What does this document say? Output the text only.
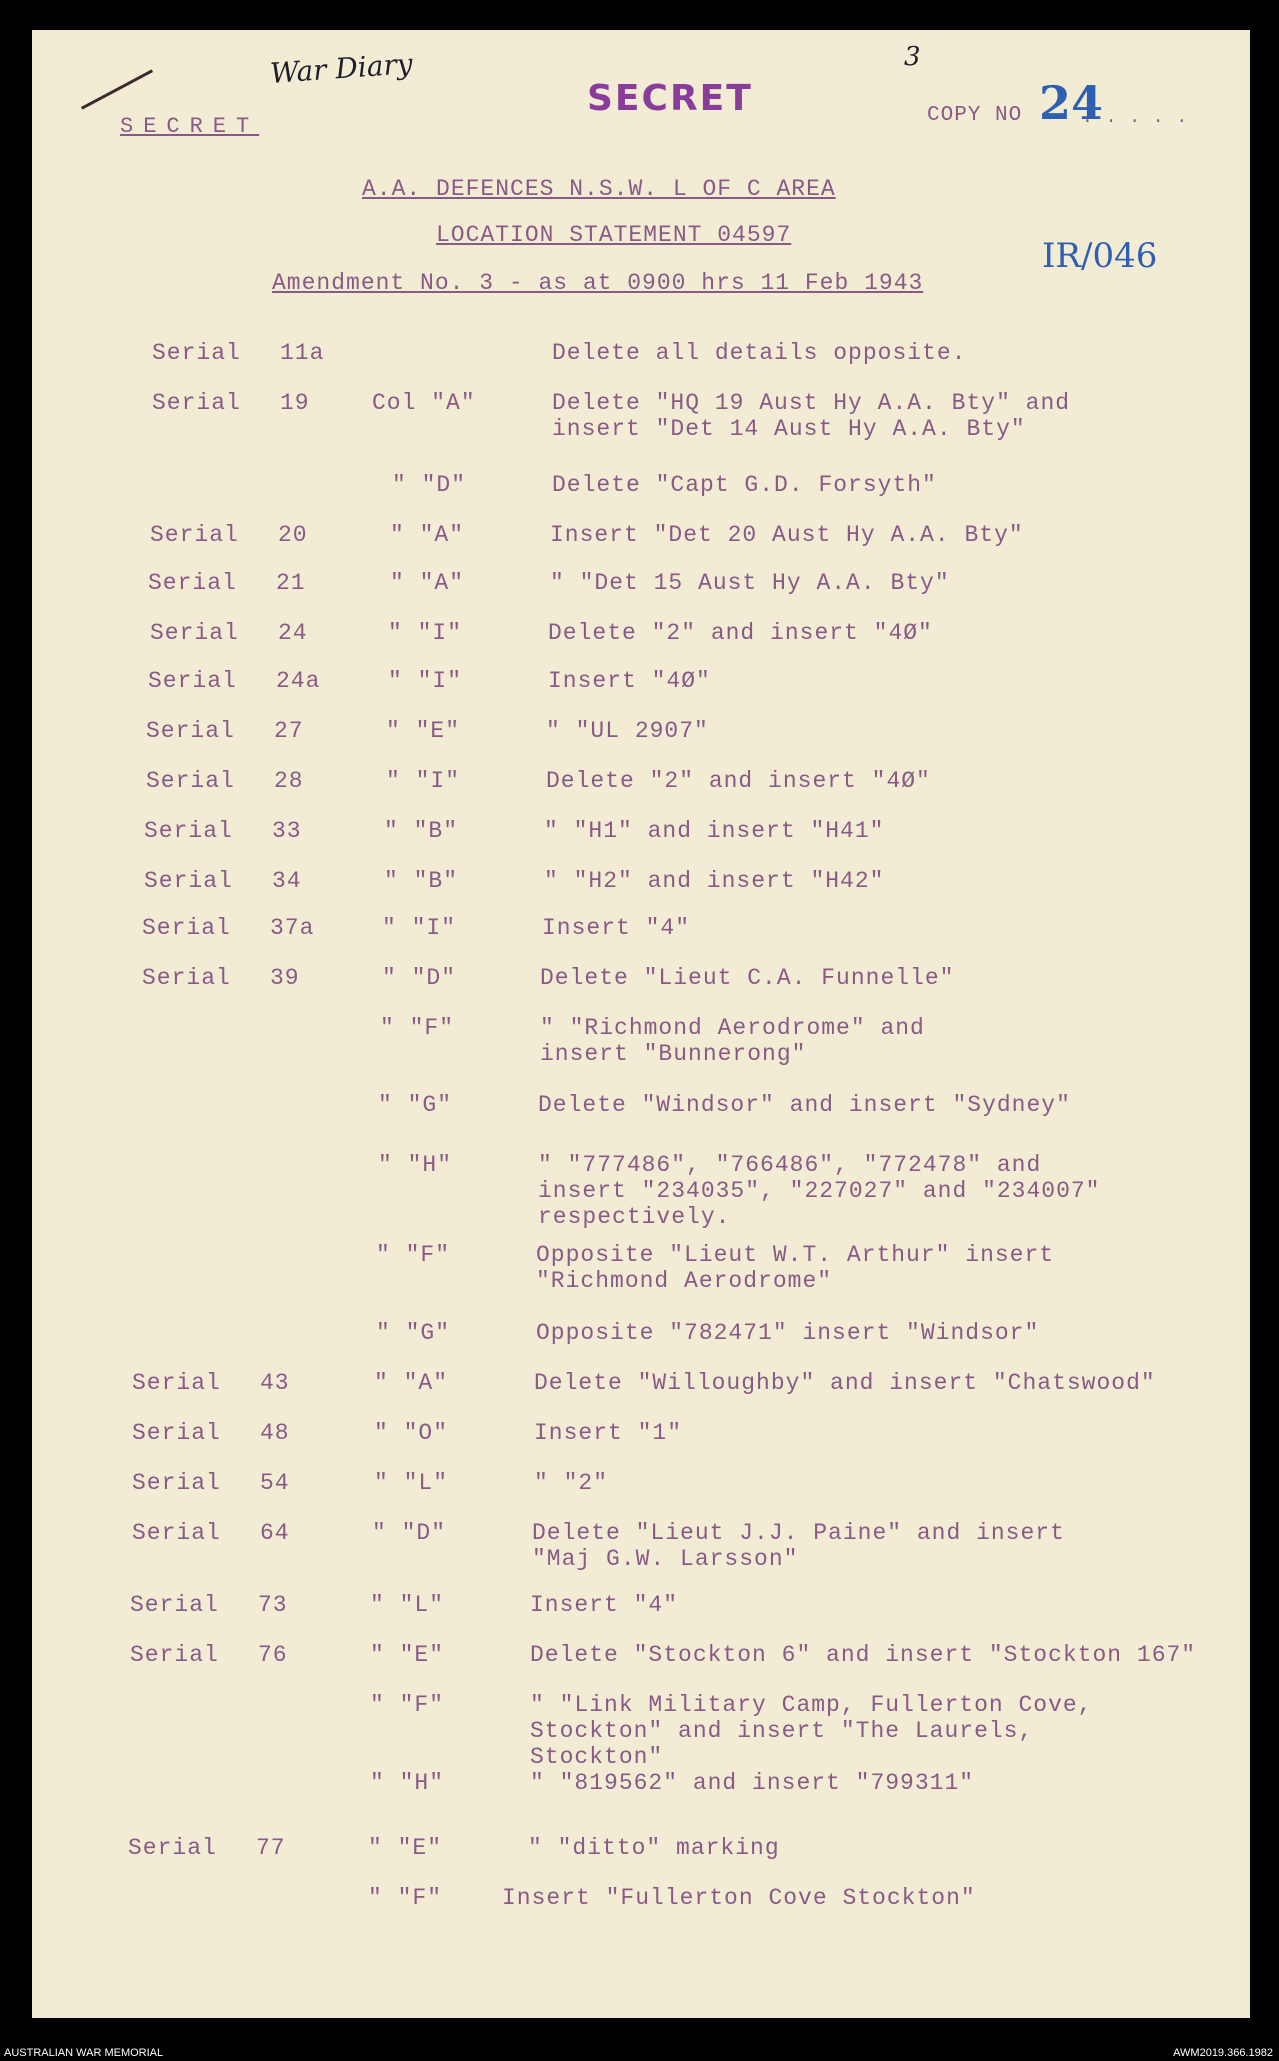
War Diary	3
SECRET
SECRET	COPY NO 24
. . . . .
IR/046
A.A. DEFENCES N.S.W. L OF C AREA
LOCATION STATEMENT 04597
Amendment No. 3 - as at 0900 hrs 11 Feb 1943
Serial 11a	Delete all details opposite.
Serial 19	Col "A"	Delete "HQ 19 Aust Hy A.A. Bty" and
insert "Det 14 Aust Hy A.A. Bty"
" "D"	Delete "Capt G.D. Forsyth"
Serial 20	" "A"	Insert "Det 20 Aust Hy A.A. Bty"
Serial 21	" "A"	" "Det 15 Aust Hy A.A. Bty"
Serial 24	" "I"	Delete "2" and insert "4Ø"
Serial 24a	" "I"	Insert "4Ø"
Serial 27	" "E"	" "UL 2907"
Serial 28	" "I"	Delete "2" and insert "4Ø"
Serial 33	" "B"	" "H1" and insert "H41"
Serial 34	" "B"	" "H2" and insert "H42"
Serial 37a	" "I"	Insert "4"
Serial 39	" "D"	Delete "Lieut C.A. Funnelle"
" "F"	" "Richmond Aerodrome" and
insert "Bunnerong"
" "G"	Delete "Windsor" and insert "Sydney"
" "H"	" "777486", "766486", "772478" and
insert "234035", "227027" and "234007"
respectively.
" "F"	Opposite "Lieut W.T. Arthur" insert
"Richmond Aerodrome"
" "G"	Opposite "782471" insert "Windsor"
Serial 43	" "A"	Delete "Willoughby" and insert "Chatswood"
Serial 48	" "O"	Insert "1"
Serial 54	" "L"	" "2"
Serial 64	" "D"	Delete "Lieut J.J. Paine" and insert
"Maj G.W. Larsson"
Serial 73	" "L"	Insert "4"
Serial 76	" "E"	Delete "Stockton 6" and insert "Stockton 167"
" "F"	" "Link Military Camp, Fullerton Cove,
Stockton" and insert "The Laurels,
Stockton"
" "H"	" "819562" and insert "799311"
Serial 77	" "E"	" "ditto" marking
" "F"	Insert "Fullerton Cove Stockton"
AUSTRALIAN WAR MEMORIAL	AWM2019.366.1982
